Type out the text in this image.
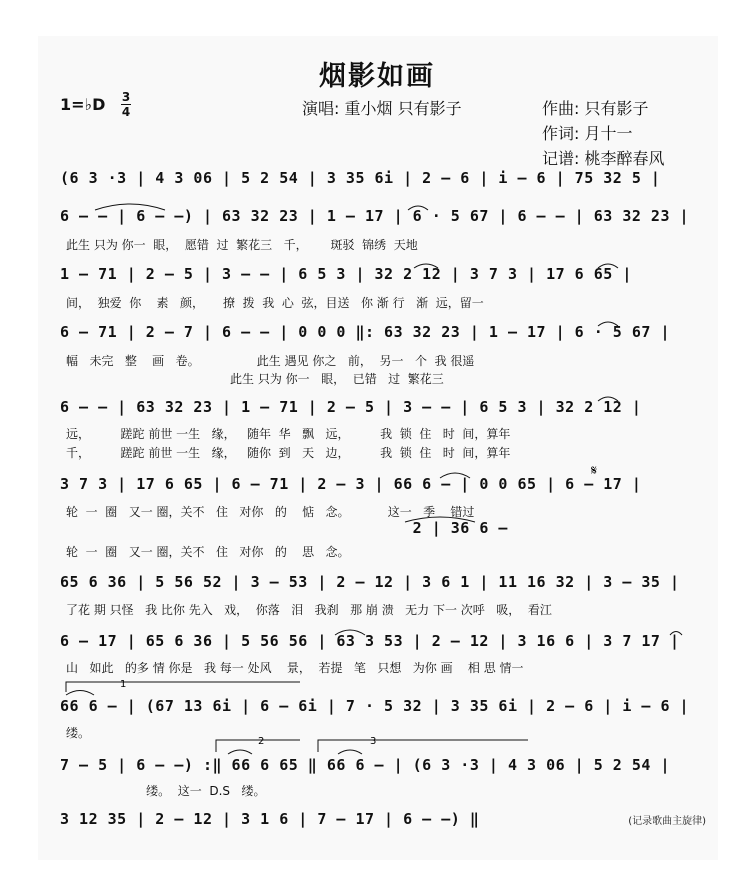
烟影如画
1=♭D 3
4	演唱: 重小烟 只有影子	作曲: 只有影子
作词: 月十一
记谱: 桃李醉春风
(6 3 ·3 | 4 3 06 | 5 2 54 | 3 35 6i | 2 – 6 | i – 6 | 75 32 5 |
6 – – | 6 – –) | 63 32 23 | 1 – 17 | 6 · 5 67 | 6 – – | 63 32 23 |
此生 只为 你一  眼，  愿错  过  繁花三   千，      斑驳  锦绣  天地
1 – 71 | 2 – 5 | 3 – – | 6 5 3 | 32 2 12 | 3 7 3 | 17 6 65 |
间，  独爱  你    素   颜，     撩  拨  我  心  弦，目送   你 渐 行   渐  远，留一
6 – 71 | 2 – 7 | 6 – – | 0 0 0 ‖: 63 32 23 | 1 – 17 | 6 · 5 67 |
幅   未完   整    画   卷。               此生 遇见 你之   前，  另一   个  我 很遥
此生 只为 你一   眼，  已错   过  繁花三
6 – – | 63 32 23 | 1 – 71 | 2 – 5 | 3 – – | 6 5 3 | 32 2 12 |
远，        蹉跎 前世 一生   缘，   随年  华   飘   远，        我  锁  住   时  间，算年
千，        蹉跎 前世 一生   缘，   随你  到   天   边，        我  锁  住   时  间，算年
3 7 3 | 17 6 65 | 6 – 71 | 2 – 3 | 66 6 – | 0 0 65 | 6 – 17 |
轮  一  圈   又一 圈，关不   住   对你   的    惦   念。          这一   季    错过
2 | 36 6 –
轮  一  圈   又一 圈，关不   住   对你   的    思   念。
65 6 36 | 5 56 52 | 3 – 53 | 2 – 12 | 3 6 1 | 11 16 32 | 3 – 35 |
了花 期 只怪   我 比你 先入   戏，  你落   泪   我刹   那 崩 溃   无力 下一 次呼   吸，  看江
6 – 17 | 65 6 36 | 5 56 56 | 63 3 53 | 2 – 12 | 3 16 6 | 3 7 17 |
山   如此   的多 情 你是   我 每一 处风    景，  若提   笔   只想   为你 画    相 思 情一
66 6 – | (67 13 6i | 6 – 6i | 7 · 5 32 | 3 35 6i | 2 – 6 | i – 6 |
缕。
7 – 5 | 6 – –) :‖ 66 6 65 ‖ 66 6 – | (6 3 ·3 | 4 3 06 | 5 2 54 |
缕。  这一  D.S   缕。
3 12 35 | 2 – 12 | 3 1 6 | 7 – 17 | 6 – –) ‖	(记录歌曲主旋律)
1
2	3
𝄋
